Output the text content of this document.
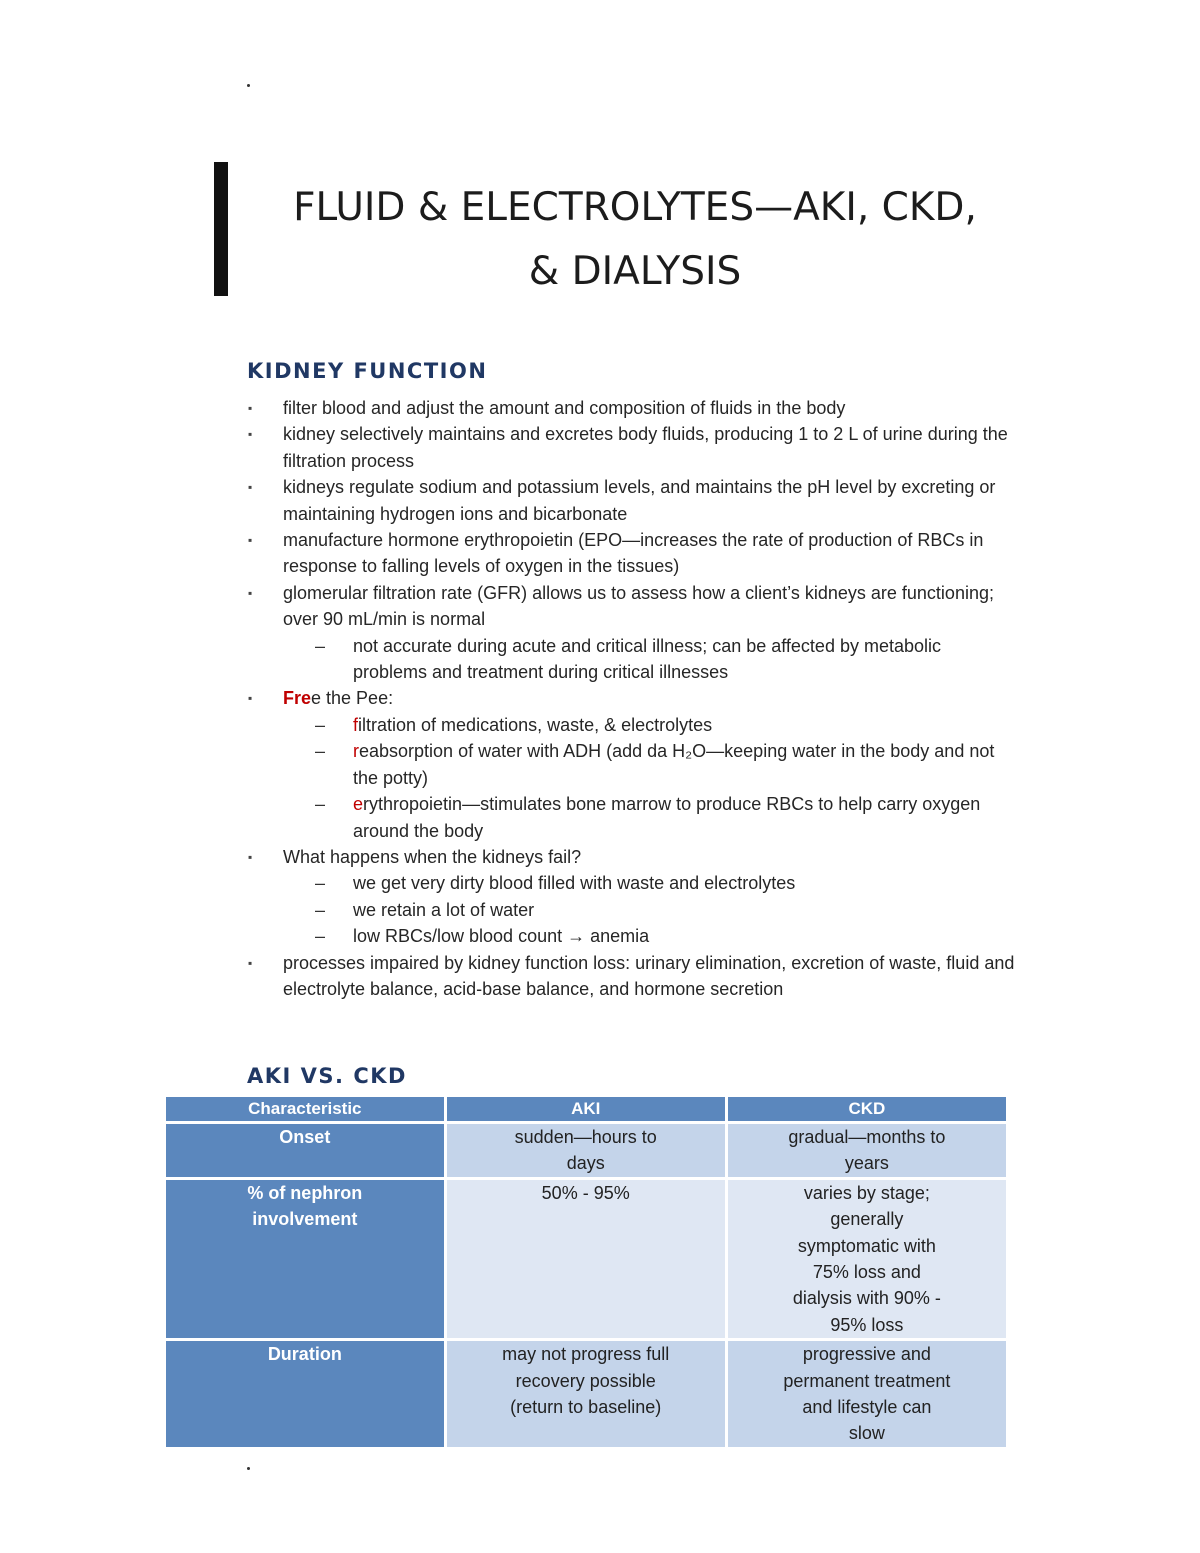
FLUID & ELECTROLYTES—AKI, CKD,
& DIALYSIS
KIDNEY FUNCTION
▪ filter blood and adjust the amount and composition of fluids in the body
▪ kidney selectively maintains and excretes body fluids, producing 1 to 2 L of urine during the filtration process
▪ kidneys regulate sodium and potassium levels, and maintains the pH level by excreting or maintaining hydrogen ions and bicarbonate
▪ manufacture hormone erythropoietin (EPO—increases the rate of production of RBCs in response to falling levels of oxygen in the tissues)
▪ glomerular filtration rate (GFR) allows us to assess how a client’s kidneys are functioning; over 90 mL/min is normal
– not accurate during acute and critical illness; can be affected by metabolic problems and treatment during critical illnesses
▪ Free the Pee:
– filtration of medications, waste, & electrolytes
– reabsorption of water with ADH (add da H₂O—keeping water in the body and not the potty)
– erythropoietin—stimulates bone marrow to produce RBCs to help carry oxygen around the body
▪ What happens when the kidneys fail?
– we get very dirty blood filled with waste and electrolytes
– we retain a lot of water
– low RBCs/low blood count → anemia
▪ processes impaired by kidney function loss: urinary elimination, excretion of waste, fluid and electrolyte balance, acid-base balance, and hormone secretion
AKI VS. CKD
Characteristic	AKI	CKD
Onset	sudden—hours to days	gradual—months to years
% of nephron involvement	50% - 95%	varies by stage; generally symptomatic with 75% loss and dialysis with 90% - 95% loss
Duration	may not progress full recovery possible (return to baseline)	progressive and permanent treatment and lifestyle can slow
